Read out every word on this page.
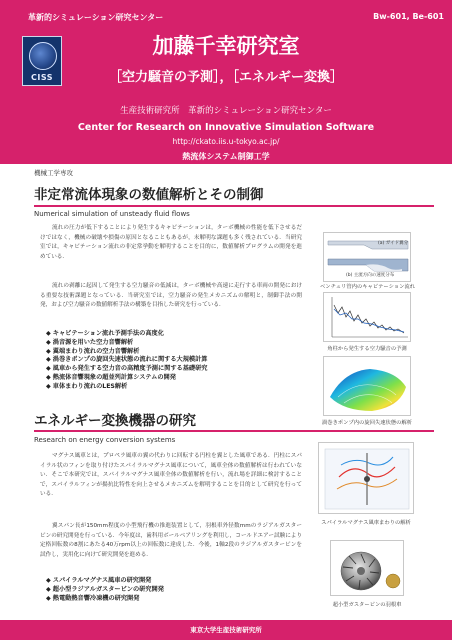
革新的シミュレーション研究センター	Bw-601, Be-601
CISS
加藤千幸研究室
［空力騒音の予測］，［エネルギー変換］
生産技術研究所　革新的シミュレーション研究センター
Center for Research on Innovative Simulation Software
http://ckato.iis.u-tokyo.ac.jp/
熱流体システム制御工学
機械工学専攻
非定常流体現象の数値解析とその制御
Numerical simulation of unsteady fluid flows
流れの圧力が低下することにより発生するキャビテーションは，ターボ機械の性能を低下させるだけではなく，機械の破壊や損傷の原因となることもあるが，未解明な課題も多く残されている．当研究室では，キャビテーション流れの非定常挙動を解明することを目的に，数値解析プログラムの開発を進めている．
流れの剥離に起因して発生する空力騒音の低減は，ターボ機械や高速に走行する車両の開発における重要な技術課題となっている．当研究室では，空力騒音の発生メカニズムの解明と，制御手法の開発，および空力騒音の数値解析手法の構築を目指した研究を行っている．
◆ キャビテーション流れ予測手法の高度化
◆ 渦音源を用いた空力音響解析
◆ 翼端まわり流れの空力音響解析
◆ 渦巻きポンプの旋回失速状態の流れに関する大規模計算
◆ 風車から発生する空力音の高精度予測に関する基礎研究
◆ 熱流体音響現象の超並列計算システムの開発
◆ 車体まわり流れのLES解析
(a) ガイド翼分
(b) 主流方向の速度分布
ベンチュリ管内のキャビテーション流れ
角柱から発生する空力騒音の予測
渦巻きポンプ内の旋回失速状態の解析
エネルギー変換機器の研究
Research on energy conversion systems
マグナス風車とは，プロペラ風車の翼の代わりに回転する円柱を翼とした風車である．円柱にスパイラル状のフィンを取り付けたスパイラルマグナス風車について，風車全体の数値解析は行われていない．そこで本研究では，スパイラルマグナス風車全体の数値解析を行い，流れ場を詳細に検討することで，スパイラルフィンが揚抗比特性を向上させるメカニズムを解明することを目的として研究を行っている．
翼スパン長が150mm程度の小型飛行機の推進装置として，羽根車外径数mmのラジアルガスタービンの研究開発を行っている．今年度は，歯科用ボールベアリングを利用し，コールドエアー試験により定格回転数の8割にあたる40万rpm以上の回転数に達成した．今後，1軸2段のラジアルガスタービンを試作し，実用化に向けて研究開発を進める．
◆ スパイラルマグナス風車の研究開発
◆ 超小型ラジアルガスタービンの研究開発
◆ 熱電動熱音響冷凍機の研究開発
スパイラルマグナス風車まわりの解析
超小型ガスタービンの羽根車
東京大学生産技術研究所
